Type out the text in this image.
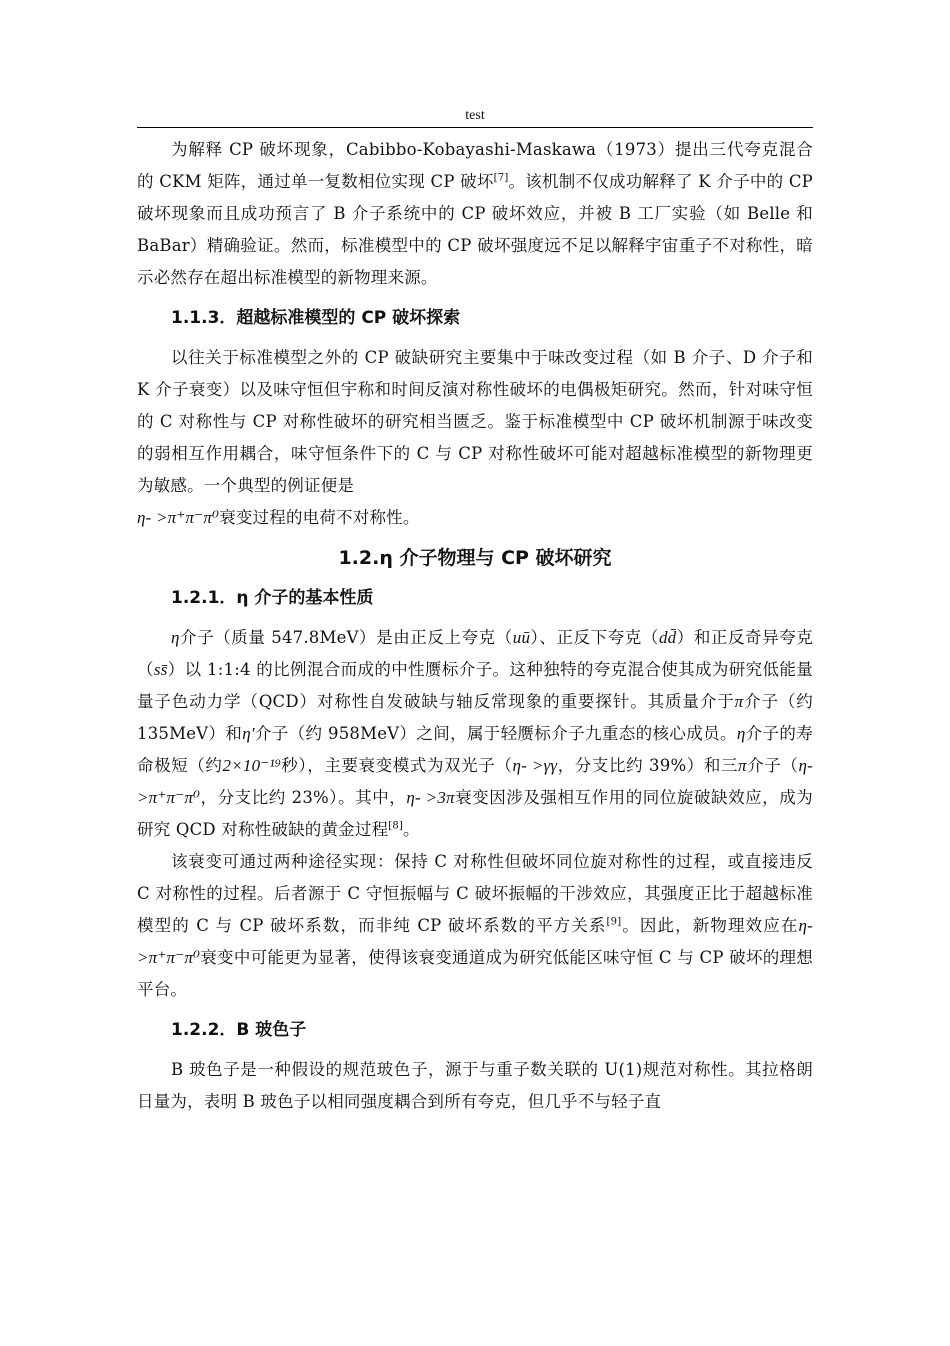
test

为解释 CP 破坏现象，Cabibbo-Kobayashi-Maskawa（1973）提出三代夸克混合的 CKM 矩阵，通过单一复数相位实现 CP 破坏[7]。该机制不仅成功解释了 K 介子中的 CP 破坏现象而且成功预言了 B 介子系统中的 CP 破坏效应，并被 B 工厂实验（如 Belle 和 BaBar）精确验证。然而，标准模型中的 CP 破坏强度远不足以解释宇宙重子不对称性，暗示必然存在超出标准模型的新物理来源。

1.1.3．超越标准模型的 CP 破坏探索

以往关于标准模型之外的 CP 破缺研究主要集中于味改变过程（如 B 介子、D 介子和 K 介子衰变）以及味守恒但宇称和时间反演对称性破坏的电偶极矩研究。然而，针对味守恒的 C 对称性与 CP 对称性破坏的研究相当匮乏。鉴于标准模型中 CP 破坏机制源于味改变的弱相互作用耦合，味守恒条件下的 C 与 CP 对称性破坏可能对超越标准模型的新物理更为敏感。一个典型的例证便是
η- >π⁺π⁻π⁰衰变过程的电荷不对称性。

1.2.η 介子物理与 CP 破坏研究
1.2.1．η 介子的基本性质

η介子（质量 547.8MeV）是由正反上夸克（uū）、正反下夸克（dd̄）和正反奇异夸克（ss̄）以 1:1:4 的比例混合而成的中性赝标介子。这种独特的夸克混合使其成为研究低能量量子色动力学（QCD）对称性自发破缺与轴反常现象的重要探针。其质量介于π介子（约 135MeV）和η′介子（约 958MeV）之间，属于轻赝标介子九重态的核心成员。η介子的寿命极短（约2×10⁻¹⁹秒），主要衰变模式为双光子（η- >γγ，分支比约 39%）和三π介子（η- >π⁺π⁻π⁰，分支比约 23%）。其中，η- >3π衰变因涉及强相互作用的同位旋破缺效应，成为研究 QCD 对称性破缺的黄金过程[8]。

该衰变可通过两种途径实现：保持 C 对称性但破坏同位旋对称性的过程，或直接违反 C 对称性的过程。后者源于 C 守恒振幅与 C 破坏振幅的干涉效应，其强度正比于超越标准模型的 C 与 CP 破坏系数，而非纯 CP 破坏系数的平方关系[9]。因此，新物理效应在η- >π⁺π⁻π⁰衰变中可能更为显著，使得该衰变通道成为研究低能区味守恒 C 与 CP 破坏的理想平台。

1.2.2．B 玻色子

B 玻色子是一种假设的规范玻色子，源于与重子数关联的 U(1)规范对称性。其拉格朗日量为，表明 B 玻色子以相同强度耦合到所有夸克，但几乎不与轻子直
